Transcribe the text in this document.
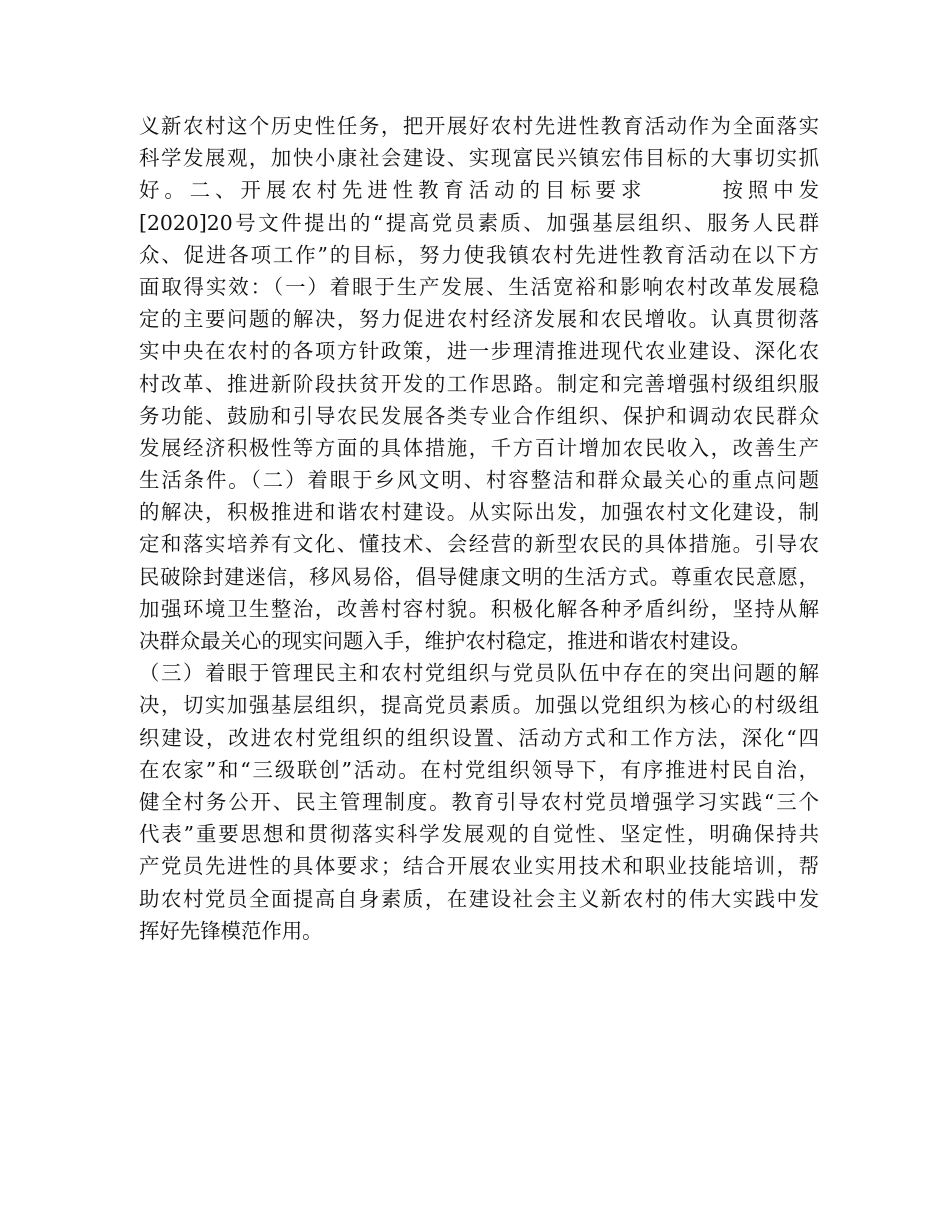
义新农村这个历史性任务，把开展好农村先进性教育活动作为全面落实
科学发展观，加快小康社会建设、实现富民兴镇宏伟目标的大事切实抓
好。二、开展农村先进性教育活动的目标要求　　　按照中发
[2020]20号文件提出的“提高党员素质、加强基层组织、服务人民群
众、促进各项工作”的目标，努力使我镇农村先进性教育活动在以下方
面取得实效：（一）着眼于生产发展、生活宽裕和影响农村改革发展稳
定的主要问题的解决，努力促进农村经济发展和农民增收。认真贯彻落
实中央在农村的各项方针政策，进一步理清推进现代农业建设、深化农
村改革、推进新阶段扶贫开发的工作思路。制定和完善增强村级组织服
务功能、鼓励和引导农民发展各类专业合作组织、保护和调动农民群众
发展经济积极性等方面的具体措施，千方百计增加农民收入，改善生产
生活条件。（二）着眼于乡风文明、村容整洁和群众最关心的重点问题
的解决，积极推进和谐农村建设。从实际出发，加强农村文化建设，制
定和落实培养有文化、懂技术、会经营的新型农民的具体措施。引导农
民破除封建迷信，移风易俗，倡导健康文明的生活方式。尊重农民意愿，
加强环境卫生整治，改善村容村貌。积极化解各种矛盾纠纷，坚持从解
决群众最关心的现实问题入手，维护农村稳定，推进和谐农村建设。
（三）着眼于管理民主和农村党组织与党员队伍中存在的突出问题的解
决，切实加强基层组织，提高党员素质。加强以党组织为核心的村级组
织建设，改进农村党组织的组织设置、活动方式和工作方法，深化“四
在农家”和“三级联创”活动。在村党组织领导下，有序推进村民自治，
健全村务公开、民主管理制度。教育引导农村党员增强学习实践“三个
代表”重要思想和贯彻落实科学发展观的自觉性、坚定性，明确保持共
产党员先进性的具体要求；结合开展农业实用技术和职业技能培训，帮
助农村党员全面提高自身素质，在建设社会主义新农村的伟大实践中发
挥好先锋模范作用。
